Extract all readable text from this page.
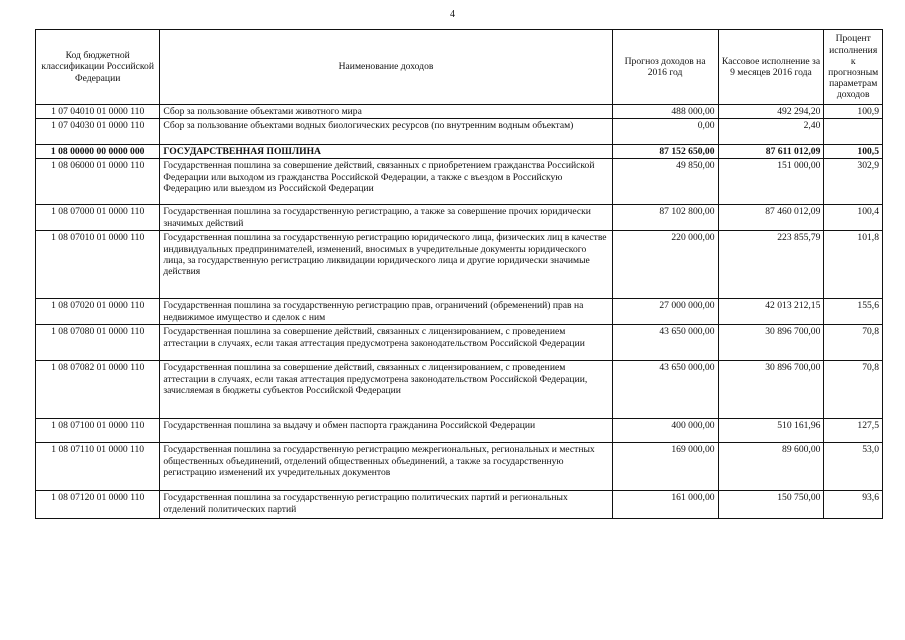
4
Код бюджетной классификации Российской Федерации	Наименование доходов	Прогноз доходов на 2016 год	Кассовое исполнение за 9 месяцев 2016 года	Процент исполнения к прогнозным параметрам доходов
1 07 04010 01 0000 110	Сбор за пользование объектами животного мира	488 000,00	492 294,20	100,9
1 07 04030 01 0000 110	Сбор за пользование объектами водных биологических ресурсов (по внутренним водным объектам)	0,00	2,40	
1 08 00000 00 0000 000	ГОСУДАРСТВЕННАЯ ПОШЛИНА	87 152 650,00	87 611 012,09	100,5
1 08 06000 01 0000 110	Государственная пошлина за совершение действий, связанных с приобретением гражданства Российской Федерации или выходом из гражданства Российской Федерации, а также с въездом в Российскую Федерацию или выездом из Российской Федерации	49 850,00	151 000,00	302,9
1 08 07000 01 0000 110	Государственная пошлина за государственную регистрацию, а также за совершение прочих юридически значимых действий	87 102 800,00	87 460 012,09	100,4
1 08 07010 01 0000 110	Государственная пошлина за государственную регистрацию юридического лица, физических лиц в качестве индивидуальных предпринимателей, изменений, вносимых в учредительные документы юридического лица, за государственную регистрацию ликвидации юридического лица и другие юридически значимые действия	220 000,00	223 855,79	101,8
1 08 07020 01 0000 110	Государственная пошлина за государственную регистрацию прав, ограничений (обременений) прав на недвижимое имущество и сделок с ним	27 000 000,00	42 013 212,15	155,6
1 08 07080 01 0000 110	Государственная пошлина за совершение действий, связанных с лицензированием, с проведением аттестации в случаях, если такая аттестация предусмотрена законодательством Российской Федерации	43 650 000,00	30 896 700,00	70,8
1 08 07082 01 0000 110	Государственная пошлина за совершение действий, связанных с лицензированием, с проведением аттестации в случаях, если такая аттестация предусмотрена законодательством Российской Федерации, зачисляемая в бюджеты субъектов Российской Федерации	43 650 000,00	30 896 700,00	70,8
1 08 07100 01 0000 110	Государственная пошлина за выдачу и обмен паспорта гражданина Российской Федерации	400 000,00	510 161,96	127,5
1 08 07110 01 0000 110	Государственная пошлина за государственную регистрацию межрегиональных, региональных и местных общественных объединений, отделений общественных объединений, а также за государственную регистрацию изменений их учредительных документов	169 000,00	89 600,00	53,0
1 08 07120 01 0000 110	Государственная пошлина за государственную регистрацию политических партий и региональных отделений политических партий	161 000,00	150 750,00	93,6
